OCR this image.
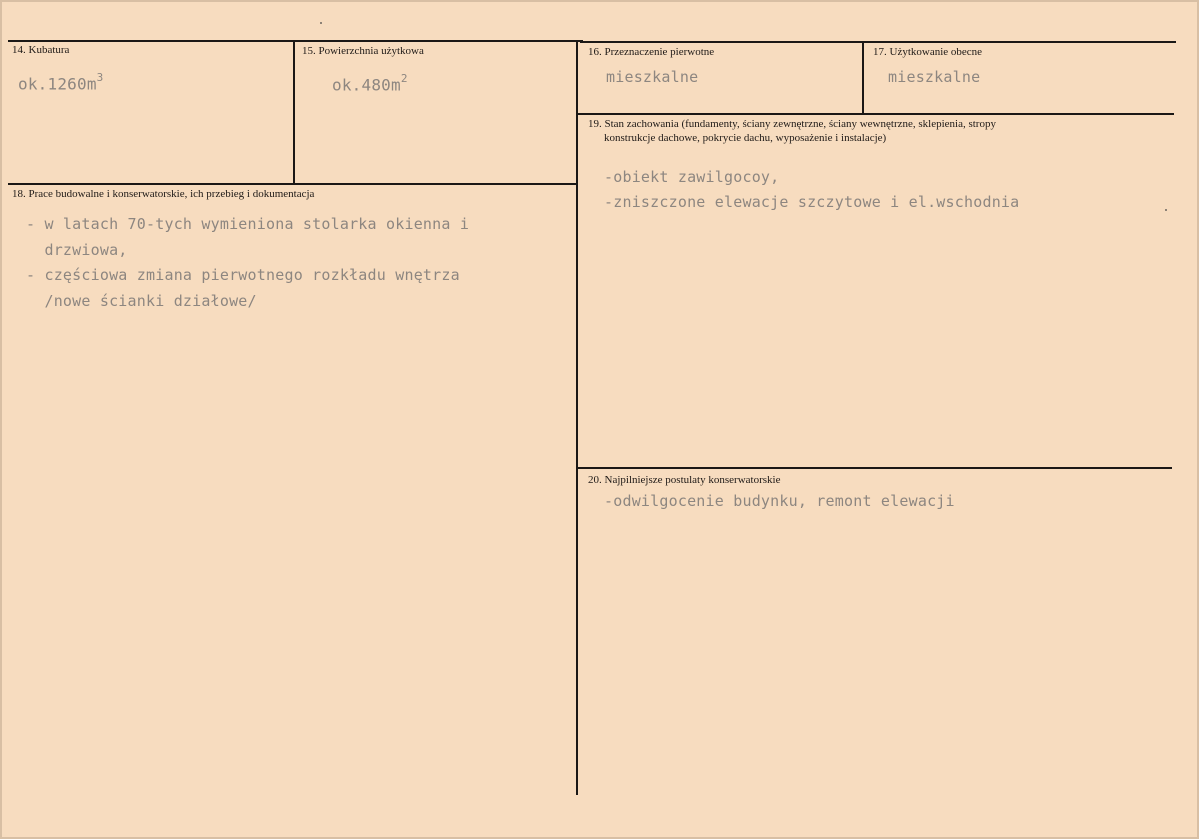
14. Kubatura
$ok.1260m^3$
15. Powierzchnia użytkowa
$ok.480m^2$
16. Przeznaczenie pierwotne
mieszkalne
17. Użytkowanie obecne
mieszkalne
18. Prace budowalne i konserwatorskie, ich przebieg i dokumentacja
- w latach 70-tych wymieniona stolarka okienna i
drzwiowa,
- częściowa zmiana pierwotnego rozkładu wnętrza
/nowe ścianki działowe/
19. Stan zachowania (fundamenty, ściany zewnętrzne, ściany wewnętrzne, sklepienia, stropy
konstrukcje dachowe, pokrycie dachu, wyposażenie i instalacje)
-obiekt zawilgocoy,
-zniszczone elewacje szczytowe i el.wschodnia
20. Najpilniejsze postulaty konserwatorskie
-odwilgocenie budynku, remont elewacji
